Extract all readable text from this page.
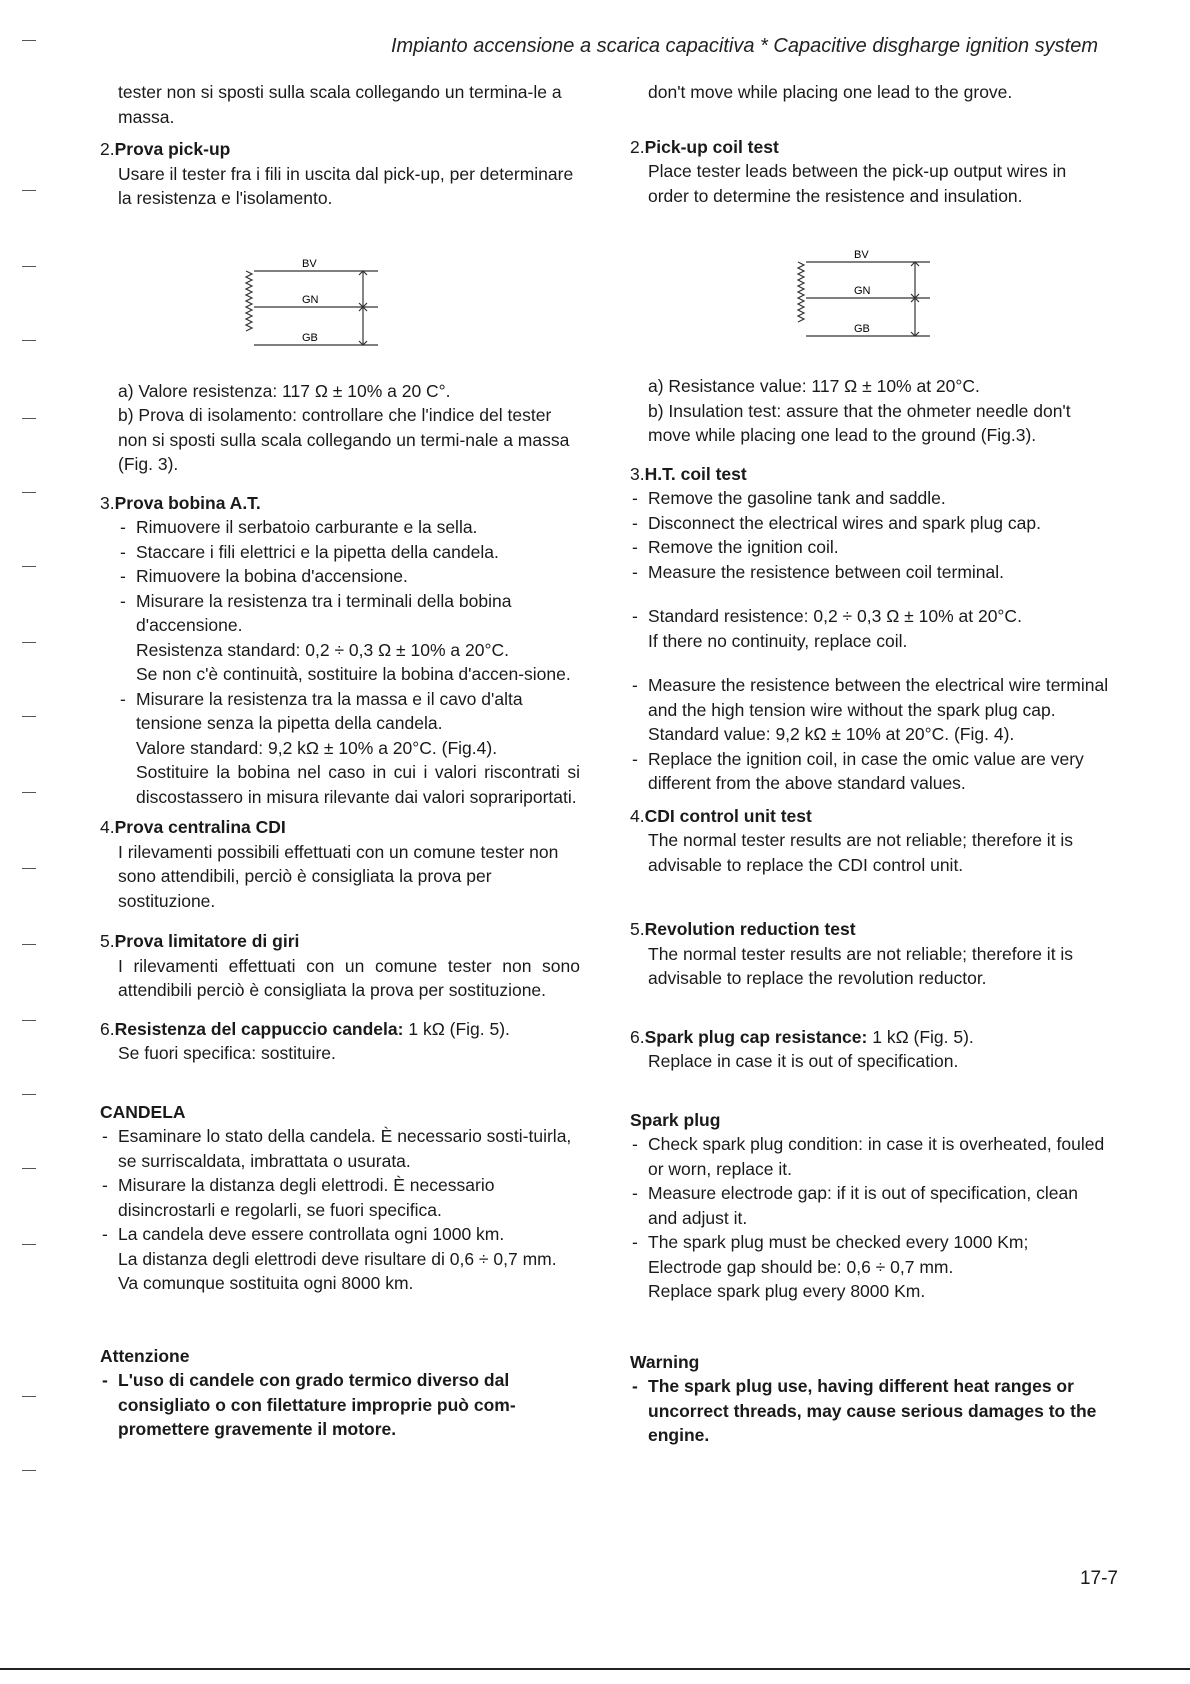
Impianto accensione a scarica capacitiva * Capacitive disgharge ignition system

tester non si sposti sulla scala collegando un termina-le a massa.

2.Prova pick-up
Usare il tester fra i fili in uscita dal pick-up, per determinare la resistenza e l'isolamento.
BV
GN
GB
a) Valore resistenza: 117 Ω ± 10% a 20 C°.
b) Prova di isolamento: controllare che l'indice del tester non si sposti sulla scala collegando un termi-nale a massa (Fig. 3).
3.Prova bobina A.T.
- Rimuovere il serbatoio carburante e la sella.
- Staccare i fili elettrici e la pipetta della candela.
- Rimuovere la bobina d'accensione.
- Misurare la resistenza tra i terminali della bobina d'accensione.
Resistenza standard: 0,2 ÷ 0,3 Ω ± 10% a 20°C.
Se non c'è continuità, sostituire la bobina d'accen-sione.
- Misurare la resistenza tra la massa e il cavo d'alta tensione senza la pipetta della candela.
Valore standard: 9,2 kΩ ± 10% a 20°C. (Fig.4).
Sostituire la bobina nel caso in cui i valori riscontrati si discostassero in misura rilevante dai valori soprariportati.
4.Prova centralina CDI
I rilevamenti possibili effettuati con un comune tester non sono attendibili, perciò è consigliata la prova per sostituzione.
5.Prova limitatore di giri
I rilevamenti effettuati con un comune tester non sono attendibili perciò è consigliata la prova per sostituzione.
6.Resistenza del cappuccio candela: 1 kΩ (Fig. 5).
Se fuori specifica: sostituire.
CANDELA
- Esaminare lo stato della candela. È necessario sosti-tuirla, se surriscaldata, imbrattata o usurata.
- Misurare la distanza degli elettrodi. È necessario disincrostarli e regolarli, se fuori specifica.
- La candela deve essere controllata ogni 1000 km.
La distanza degli elettrodi deve risultare di 0,6 ÷ 0,7 mm. Va comunque sostituita ogni 8000 km.
Attenzione
- L'uso di candele con grado termico diverso dal consigliato o con filettature improprie può com-promettere gravemente il motore.

don't move while placing one lead to the grove.

2.Pick-up coil test
Place tester leads between the pick-up output wires in order to determine the resistence and insulation.
BV
GN
GB
a) Resistance value: 117 Ω ± 10% at 20°C.
b) Insulation test: assure that the ohmeter needle don't move while placing one lead to the ground (Fig.3).
3.H.T. coil test
- Remove the gasoline tank and saddle.
- Disconnect the electrical wires and spark plug cap.
- Remove the ignition coil.
- Measure the resistence between coil terminal.
- Standard resistence: 0,2 ÷ 0,3 Ω ± 10% at 20°C.
If there no continuity, replace coil.
- Measure the resistence between the electrical wire terminal and the high tension wire without the spark plug cap.
Standard value: 9,2 kΩ ± 10% at 20°C. (Fig. 4).
- Replace the ignition coil, in case the omic value are very different from the above standard values.
4.CDI control unit test
The normal tester results are not reliable; therefore it is advisable to replace the CDI control unit.
5.Revolution reduction test
The normal tester results are not reliable; therefore it is advisable to replace the revolution reductor.
6.Spark plug cap resistance: 1 kΩ (Fig. 5).
Replace in case it is out of specification.
Spark plug
- Check spark plug condition: in case it is overheated, fouled or worn, replace it.
- Measure electrode gap: if it is out of specification, clean and adjust it.
- The spark plug must be checked every 1000 Km;
Electrode gap should be: 0,6 ÷ 0,7 mm.
Replace spark plug every 8000 Km.
Warning
- The spark plug use, having different heat ranges or uncorrect threads, may cause serious damages to the engine.
17-7
